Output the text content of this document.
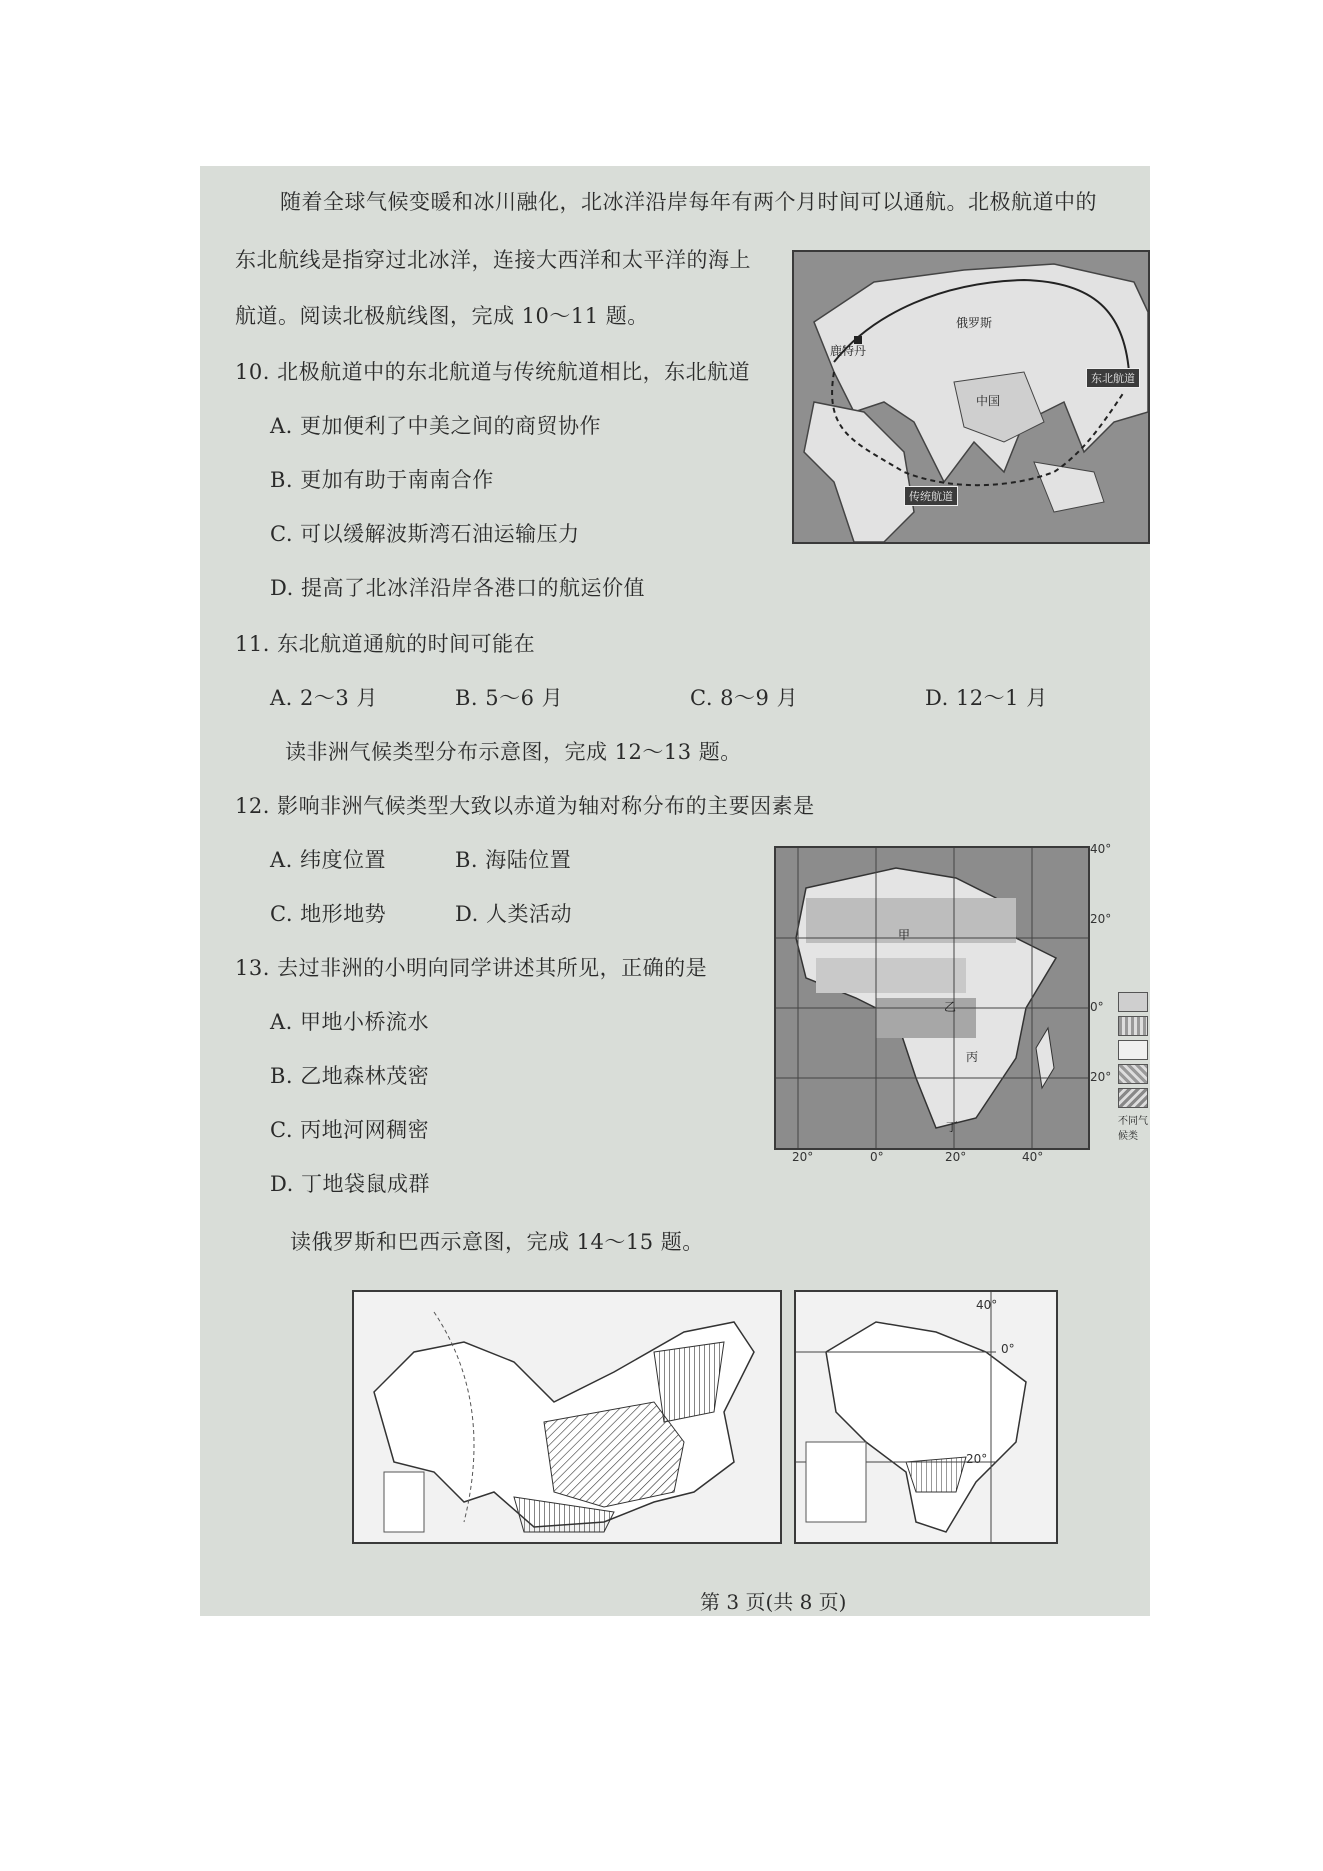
随着全球气候变暖和冰川融化，北冰洋沿岸每年有两个月时间可以通航。北极航道中的
东北航线是指穿过北冰洋，连接大西洋和太平洋的海上
航道。阅读北极航线图，完成 10～11 题。
10. 北极航道中的东北航道与传统航道相比，东北航道
A. 更加便利了中美之间的商贸协作
B. 更加有助于南南合作
C. 可以缓解波斯湾石油运输压力
D. 提高了北冰洋沿岸各港口的航运价值
11. 东北航道通航的时间可能在
A. 2～3 月	B. 5～6 月	C. 8～9 月	D. 12～1 月
读非洲气候类型分布示意图，完成 12～13 题。
12. 影响非洲气候类型大致以赤道为轴对称分布的主要因素是
A. 纬度位置	B. 海陆位置
C. 地形地势	D. 人类活动
13. 去过非洲的小明向同学讲述其所见，正确的是
A. 甲地小桥流水
B. 乙地森林茂密
C. 丙地河网稠密
D. 丁地袋鼠成群
读俄罗斯和巴西示意图，完成 14～15 题。
俄罗斯
中国
鹿特丹
东北航道
传统航道
甲
乙
丙
丁
40°
20°
0°
20°
20°	0°	20°	40°
不同气候类
40°
0°
20°
第 3 页(共 8 页)
